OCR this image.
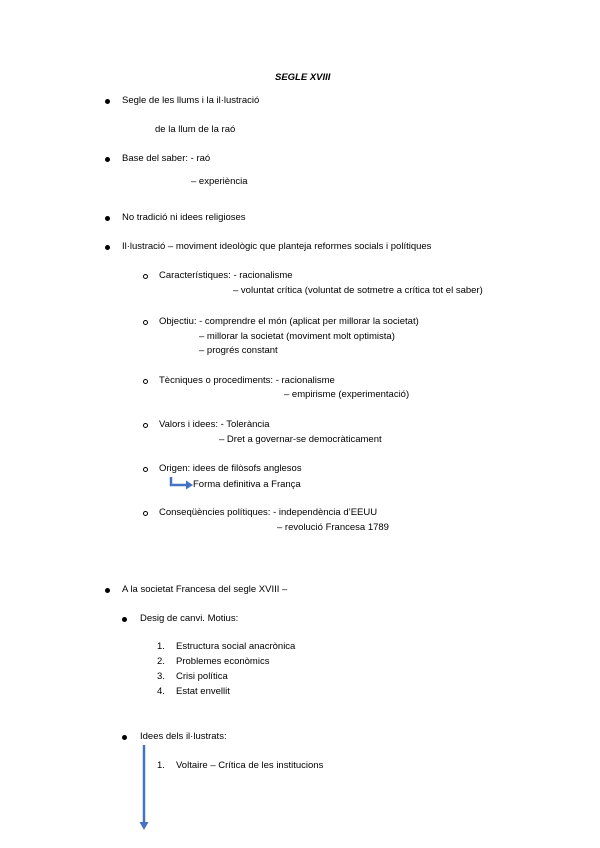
SEGLE XVIII
Segle de les llums i la il·lustració
de la llum de la raó
Base del saber: - raó
– experiència
No tradició ni idees religioses
Il·lustració – moviment ideològic que planteja reformes socials i polítiques
Característiques: - racionalisme
– voluntat crítica (voluntat de sotmetre a crítica tot el saber)
Objectiu: - comprendre el món (aplicat per millorar la societat)
– millorar la societat (moviment molt optimista)
– progrés constant
Tècniques o procediments: - racionalisme
– empirisme (experimentació)
Valors i idees: - Tolerància
– Dret a governar-se democràticament
Origen: idees de filòsofs anglesos
Forma definitiva a França
Conseqüències polítiques: - independència d’EEUU
– revolució Francesa 1789
A la societat Francesa del segle XVIII –
Desig de canvi. Motius:
1. Estructura social anacrònica
2. Problemes econòmics
3. Crisi política
4. Estat envellit
Idees dels il·lustrats:
1. Voltaire – Crítica de les institucions
